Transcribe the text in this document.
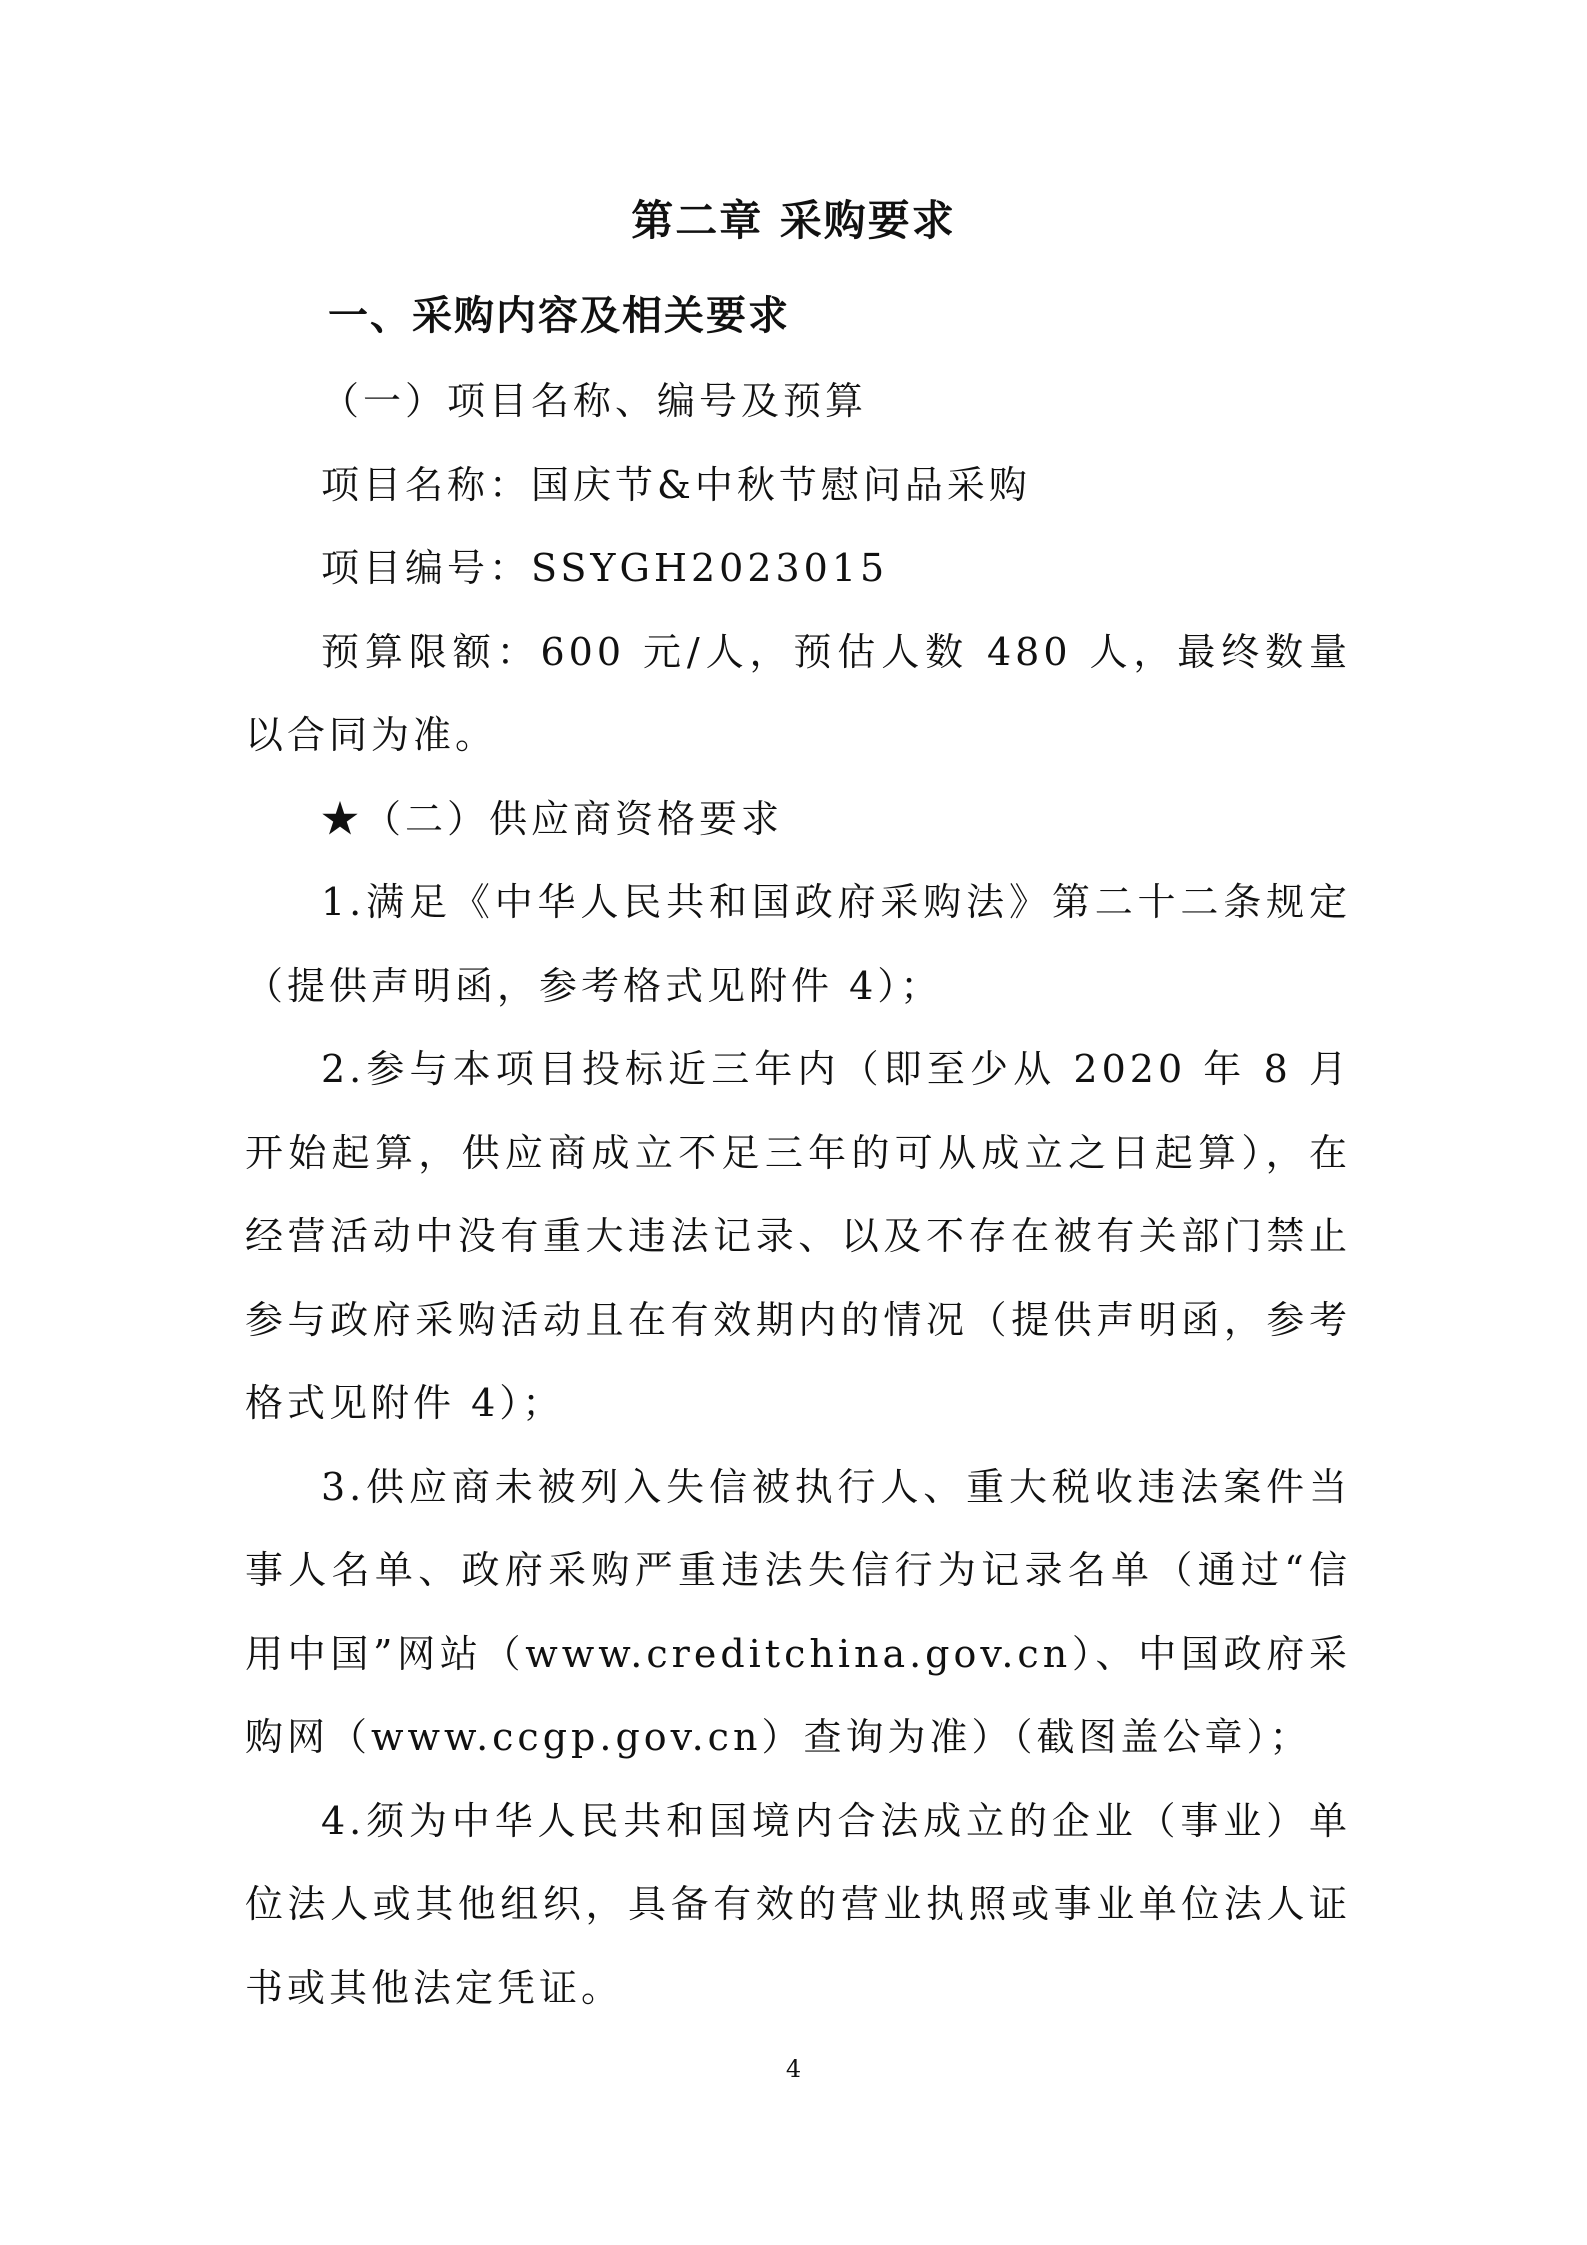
第二章 采购要求
一、采购内容及相关要求

（一）项目名称、编号及预算

项目名称：国庆节&中秋节慰问品采购

项目编号：SSYGH2023015

预算限额：600 元/人，预估人数 480 人，最终数量以合同为准。

★（二）供应商资格要求

1.满足《中华人民共和国政府采购法》第二十二条规定（提供声明函，参考格式见附件 4）；

2.参与本项目投标近三年内（即至少从 2020 年 8 月开始起算，供应商成立不足三年的可从成立之日起算），在经营活动中没有重大违法记录、以及不存在被有关部门禁止参与政府采购活动且在有效期内的情况（提供声明函，参考格式见附件 4）；

3.供应商未被列入失信被执行人、重大税收违法案件当事人名单、政府采购严重违法失信行为记录名单（通过“信用中国”网站（www.creditchina.gov.cn）、中国政府采购网（www.ccgp.gov.cn）查询为准）（截图盖公章）；

4.须为中华人民共和国境内合法成立的企业（事业）单位法人或其他组织，具备有效的营业执照或事业单位法人证书或其他法定凭证。

4
